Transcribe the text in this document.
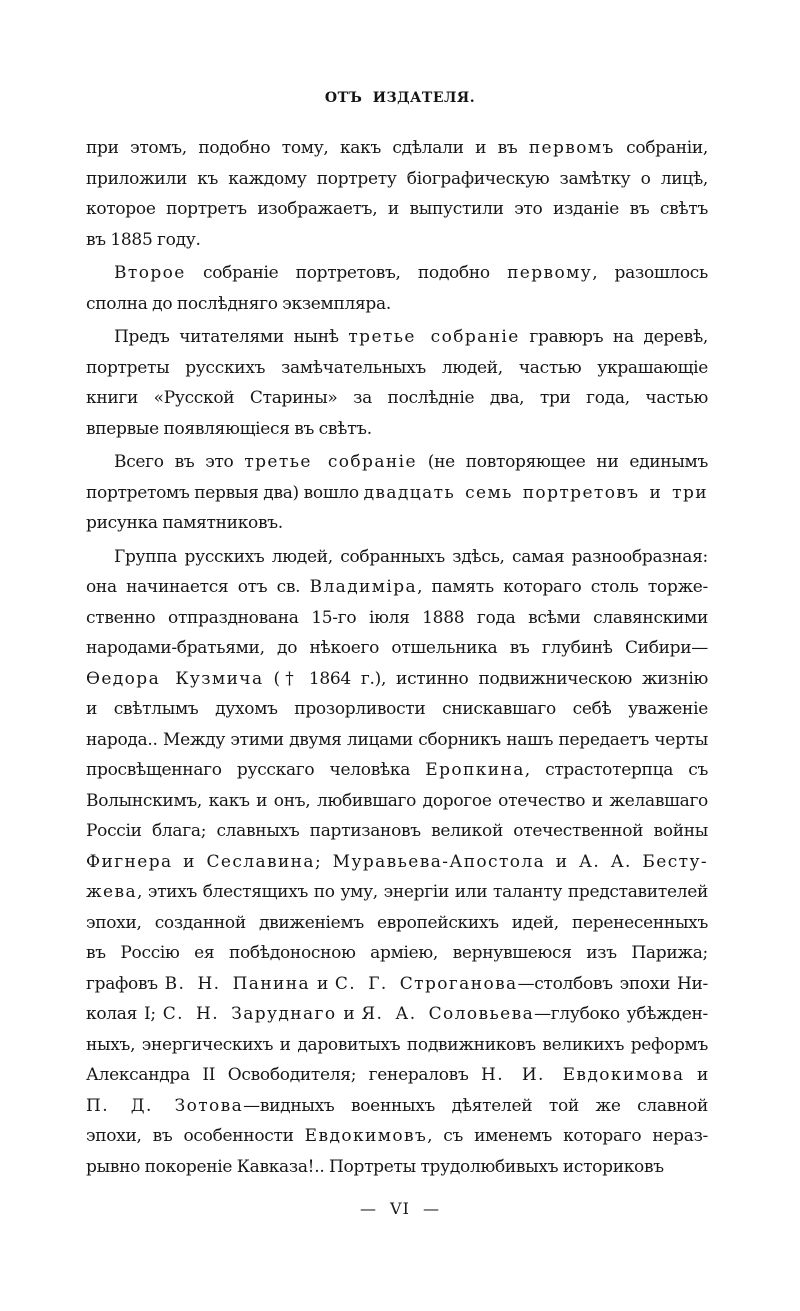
ОТЪ ИЗДАТЕЛЯ.
при этомъ, подобно тому, какъ сдѣлали и въ первомъ собраніи,
приложили къ каждому портрету біографическую замѣтку о лицѣ,
которое портретъ изображаетъ, и выпустили это изданіе въ свѣтъ
въ 1885 году.
Второе собраніе портретовъ, подобно первому, разошлось
сполна до послѣдняго экземпляра.
Предъ читателями нынѣ третье собраніе гравюръ на деревѣ,
портреты русскихъ замѣчательныхъ людей, частью украшающіе
книги «Русской Старины» за послѣдніе два, три года, частью
впервые появляющіеся въ свѣтъ.
Всего въ это третье собраніе (не повторяющее ни единымъ
портретомъ первыя два) вошло двадцать семь портретовъ и три
рисунка памятниковъ.
Группа русскихъ людей, собранныхъ здѣсь, самая разнообразная:
она начинается отъ св. Владиміра, память котораго столь торже-
ственно отпразднована 15-го іюля 1888 года всѣми славянскими
народами-братьями, до нѣкоего отшельника въ глубинѣ Сибири—
Ѳедора Кузмича († 1864 г.), истинно подвижническою жизнію
и свѣтлымъ духомъ прозорливости снискавшаго себѣ уваженіе
народа.. Между этими двумя лицами сборникъ нашъ передаетъ черты
просвѣщеннаго русскаго человѣка Еропкина, страстотерпца съ
Волынскимъ, какъ и онъ, любившаго дорогое отечество и желавшаго
Россіи блага; славныхъ партизановъ великой отечественной войны
Фигнера и Сеславина; Муравьева-Апостола и А. А. Бесту-
жева, этихъ блестящихъ по уму, энергіи или таланту представителей
эпохи, созданной движеніемъ европейскихъ идей, перенесенныхъ
въ Россію ея побѣдоносною арміею, вернувшеюся изъ Парижа;
графовъ В. Н. Панина и С. Г. Строганова—столбовъ эпохи Ни-
колая I; С. Н. Заруднаго и Я. А. Соловьева—глубоко убѣжден-
ныхъ, энергическихъ и даровитыхъ подвижниковъ великихъ реформъ
Александра II Освободителя; генераловъ Н. И. Евдокимова и
П. Д. Зотова—видныхъ военныхъ дѣятелей той же славной
эпохи, въ особенности Евдокимовъ, съ именемъ котораго нераз-
рывно покореніе Кавказа!.. Портреты трудолюбивыхъ историковъ
— VI —
